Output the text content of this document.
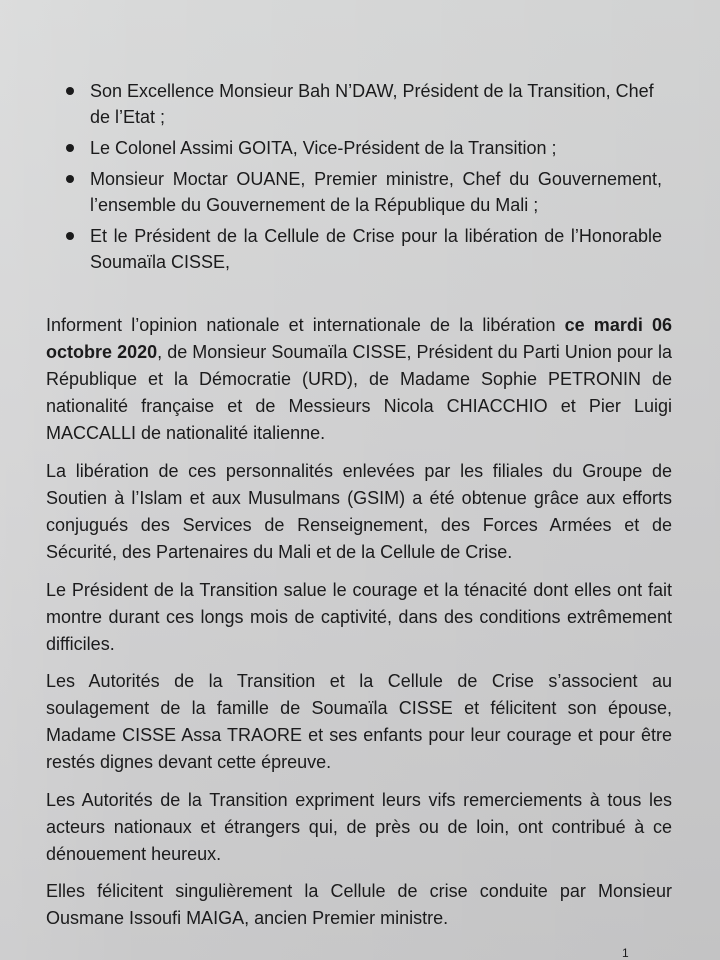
Son Excellence Monsieur Bah N’DAW, Président de la Transition, Chef de l’Etat ;
Le Colonel Assimi GOITA, Vice-Président de la Transition ;
Monsieur Moctar OUANE, Premier ministre, Chef du Gouvernement, l’ensemble du Gouvernement de la République du Mali ;
Et le Président de la Cellule de Crise pour la libération de l’Honorable Soumaïla CISSE,

Informent l’opinion nationale et internationale de la libération ce mardi 06 octobre 2020, de Monsieur Soumaïla CISSE, Président du Parti Union pour la République et la Démocratie (URD), de Madame Sophie PETRONIN de nationalité française et de Messieurs Nicola CHIACCHIO et Pier Luigi MACCALLI de nationalité italienne.

La libération de ces personnalités enlevées par les filiales du Groupe de Soutien à l’Islam et aux Musulmans (GSIM) a été obtenue grâce aux efforts conjugués des Services de Renseignement, des Forces Armées et de Sécurité, des Partenaires du Mali et de la Cellule de Crise.

Le Président de la Transition salue le courage et la ténacité dont elles ont fait montre durant ces longs mois de captivité, dans des conditions extrêmement difficiles.

Les Autorités de la Transition et la Cellule de Crise s’associent au soulagement de la famille de Soumaïla CISSE et félicitent son épouse, Madame CISSE Assa TRAORE et ses enfants pour leur courage et pour être restés dignes devant cette épreuve.

Les Autorités de la Transition expriment leurs vifs remerciements à tous les acteurs nationaux et étrangers qui, de près ou de loin, ont contribué à ce dénouement heureux.

Elles félicitent singulièrement la Cellule de crise conduite par Monsieur Ousmane Issoufi MAIGA, ancien Premier ministre.

1
